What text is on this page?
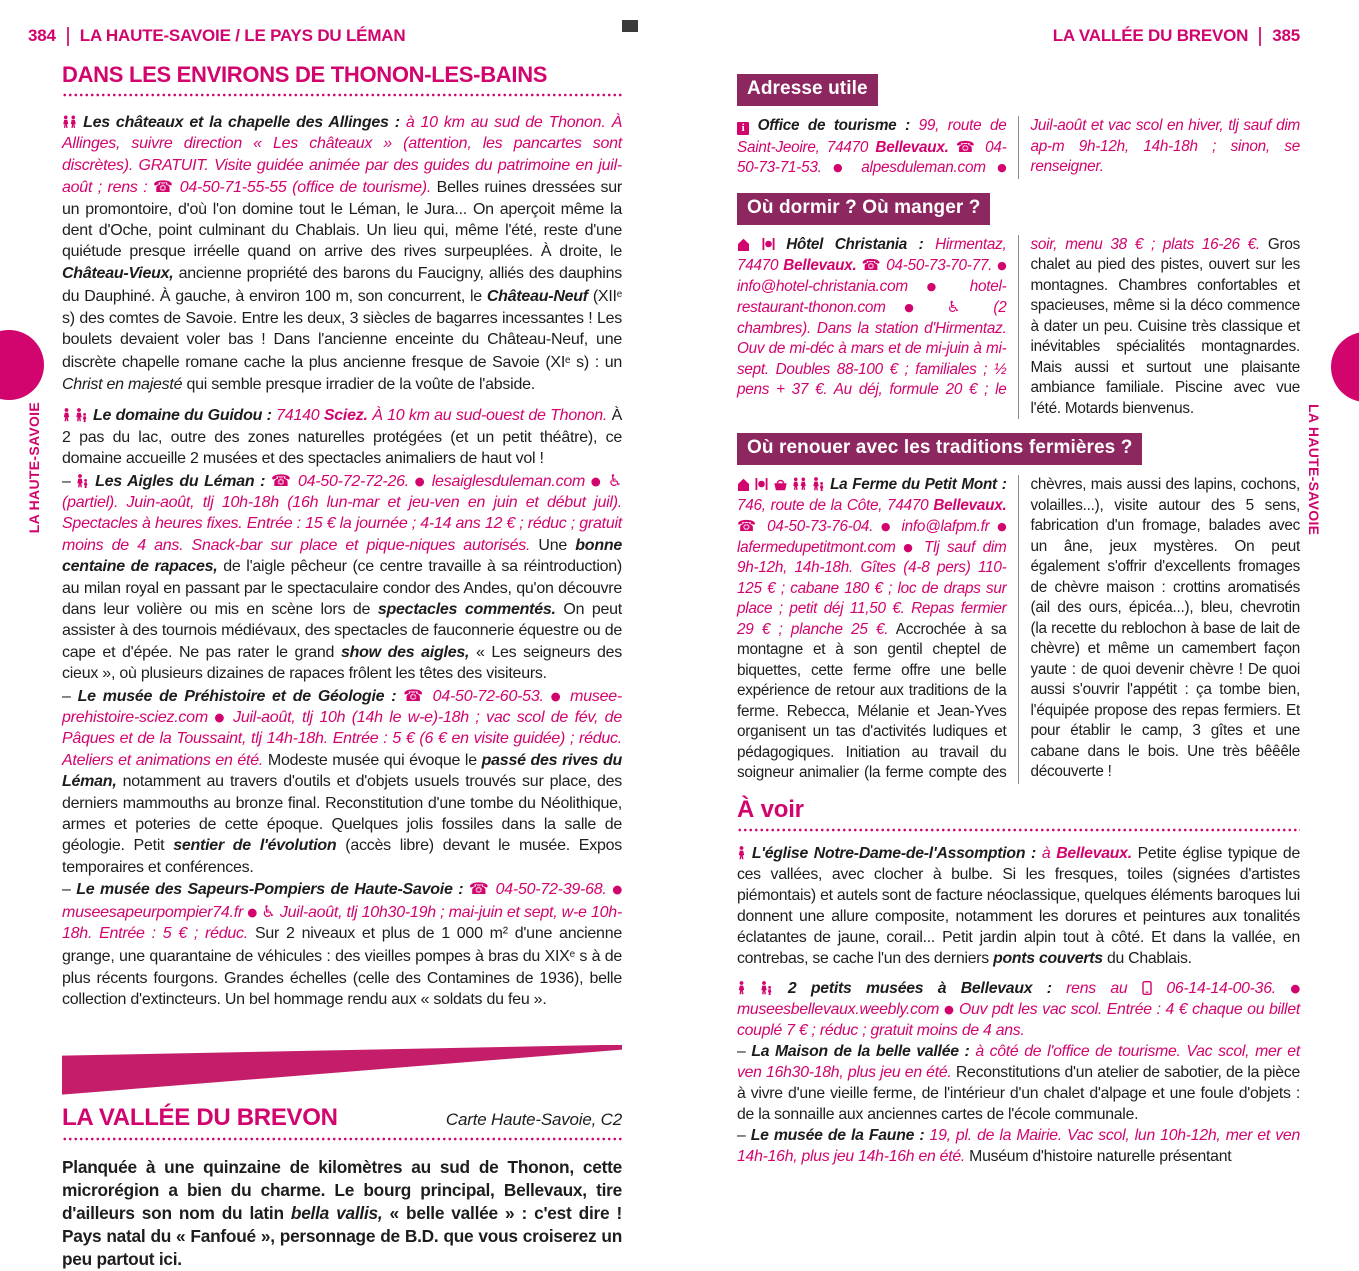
384 LA HAUTE-SAVOIE / LE PAYS DU LÉMAN	LA VALLÉE DU BREVON 385
DANS LES ENVIRONS DE THONON-LES-BAINS

Les châteaux et la chapelle des Allinges : à 10 km au sud de Thonon. À Allinges, suivre direction « Les châteaux » (attention, les pancartes sont discrètes). GRATUIT. Visite guidée animée par des guides du patrimoine en juil-août ; rens : ☎ 04-50-71-55-55 (office de tourisme). Belles ruines dressées sur un promontoire, d'où l'on domine tout le Léman, le Jura... On aperçoit même la dent d'Oche, point culminant du Chablais. Un lieu qui, même l'été, reste d'une quiétude presque irréelle quand on arrive des rives surpeuplées. À droite, le Château-Vieux, ancienne propriété des barons du Faucigny, alliés des dauphins du Dauphiné. À gauche, à environ 100 m, son concurrent, le Château-Neuf (XIIe s) des comtes de Savoie. Entre les deux, 3 siècles de bagarres incessantes ! Les boulets devaient voler bas ! Dans l'ancienne enceinte du Château-Neuf, une discrète chapelle romane cache la plus ancienne fresque de Savoie (XIe s) : un Christ en majesté qui semble presque irradier de la voûte de l'abside.

Le domaine du Guidou : 74140 Sciez. À 10 km au sud-ouest de Thonon. À 2 pas du lac, outre des zones naturelles protégées (et un petit théâtre), ce domaine accueille 2 musées et des spectacles animaliers de haut vol !

–  Les Aigles du Léman : ☎ 04-50-72-72-26. ● lesaiglesduleman.com ● ♿ (partiel). Juin-août, tlj 10h-18h (16h lun-mar et jeu-ven en juin et début juil). Spectacles à heures fixes. Entrée : 15 € la journée ; 4-14 ans 12 € ; réduc ; gratuit moins de 4 ans. Snack-bar sur place et pique-niques autorisés. Une bonne centaine de rapaces, de l'aigle pêcheur (ce centre travaille à sa réintroduction) au milan royal en passant par le spectaculaire condor des Andes, qu'on découvre dans leur volière ou mis en scène lors de spectacles commentés. On peut assister à des tournois médiévaux, des spectacles de fauconnerie équestre ou de cape et d'épée. Ne pas rater le grand show des aigles, « Les seigneurs des cieux », où plusieurs dizaines de rapaces frôlent les têtes des visiteurs.

– Le musée de Préhistoire et de Géologie : ☎ 04-50-72-60-53. ● musee-prehistoire-sciez.com ● Juil-août, tlj 10h (14h le w-e)-18h ; vac scol de fév, de Pâques et de la Toussaint, tlj 14h-18h. Entrée : 5 € (6 € en visite guidée) ; réduc. Ateliers et animations en été. Modeste musée qui évoque le passé des rives du Léman, notamment au travers d'outils et d'objets usuels trouvés sur place, des derniers mammouths au bronze final. Reconstitution d'une tombe du Néolithique, armes et poteries de cette époque. Quelques jolis fossiles dans la salle de géologie. Petit sentier de l'évolution (accès libre) devant le musée. Expos temporaires et conférences.

– Le musée des Sapeurs-Pompiers de Haute-Savoie : ☎ 04-50-72-39-68. ● museesapeurpompier74.fr ● ♿ Juil-août, tlj 10h30-19h ; mai-juin et sept, w-e 10h-18h. Entrée : 5 € ; réduc. Sur 2 niveaux et plus de 1 000 m² d'une ancienne grange, une quarantaine de véhicules : des vieilles pompes à bras du XIXe s à de plus récents fourgons. Grandes échelles (celle des Contamines de 1936), belle collection d'extincteurs. Un bel hommage rendu aux « soldats du feu ».

LA VALLÉE DU BREVON	Carte Haute-Savoie, C2

Planquée à une quinzaine de kilomètres au sud de Thonon, cette microrégion a bien du charme. Le bourg principal, Bellevaux, tire d'ailleurs son nom du latin bella vallis, « belle vallée » : c'est dire ! Pays natal du « Fanfoué », personnage de B.D. que vous croiserez un peu partout ici.

Adresse utile

i Office de tourisme : 99, route de Saint-Jeoire, 74470 Bellevaux. ☎ 04-50-73-71-53. ● alpesduleman.com ● Juil-août et vac scol en hiver, tlj sauf dim ap-m 9h-12h, 14h-18h ; sinon, se renseigner.

Où dormir ? Où manger ?

Hôtel Christania : Hirmentaz, 74470 Bellevaux. ☎ 04-50-73-70-77. ● info@hotel-christania.com ● hotel-restaurant-thonon.com ● ♿ (2 chambres). Dans la station d'Hirmentaz. Ouv de mi-déc à mars et de mi-juin à mi-sept. Doubles 88-100 € ; familiales ; ½ pens + 37 €. Au déj, formule 20 € ; le soir, menu 38 € ; plats 16-26 €. Gros chalet au pied des pistes, ouvert sur les montagnes. Chambres confortables et spacieuses, même si la déco commence à dater un peu. Cuisine très classique et inévitables spécialités montagnardes. Mais aussi et surtout une plaisante ambiance familiale. Piscine avec vue l'été. Motards bienvenus.

Où renouer avec les traditions fermières ?

La Ferme du Petit Mont : 746, route de la Côte, 74470 Bellevaux. ☎ 04-50-73-76-04. ● info@lafpm.fr ● lafermedupetitmont.com ● Tlj sauf dim 9h-12h, 14h-18h. Gîtes (4-8 pers) 110-125 € ; cabane 180 € ; loc de draps sur place ; petit déj 11,50 €. Repas fermier 29 € ; planche 25 €. Accrochée à sa montagne et à son gentil cheptel de biquettes, cette ferme offre une belle expérience de retour aux traditions de la ferme. Rebecca, Mélanie et Jean-Yves organisent un tas d'activités ludiques et pédagogiques. Initiation au travail du soigneur animalier (la ferme compte des chèvres, mais aussi des lapins, cochons, volailles...), visite autour des 5 sens, fabrication d'un fromage, balades avec un âne, jeux mystères. On peut également s'offrir d'excellents fromages de chèvre maison : crottins aromatisés (ail des ours, épicéa...), bleu, chevrotin (la recette du reblochon à base de lait de chèvre) et même un camembert façon yaute : de quoi devenir chèvre ! De quoi aussi s'ouvrir l'appétit : ça tombe bien, l'équipée propose des repas fermiers. Et pour établir le camp, 3 gîtes et une cabane dans le bois. Une très bêêêle découverte !

À voir

L'église Notre-Dame-de-l'Assomption : à Bellevaux. Petite église typique de ces vallées, avec clocher à bulbe. Si les fresques, toiles (signées d'artistes piémontais) et autels sont de facture néoclassique, quelques éléments baroques lui donnent une allure composite, notamment les dorures et peintures aux tonalités éclatantes de jaune, corail... Petit jardin alpin tout à côté. Et dans la vallée, en contrebas, se cache l'un des derniers ponts couverts du Chablais.

2 petits musées à Bellevaux : rens au  06-14-14-00-36. ● museesbellevaux.weebly.com ● Ouv pdt les vac scol. Entrée : 4 € chaque ou billet couplé 7 € ; réduc ; gratuit moins de 4 ans.

– La Maison de la belle vallée : à côté de l'office de tourisme. Vac scol, mer et ven 16h30-18h, plus jeu en été. Reconstitutions d'un atelier de sabotier, de la pièce à vivre d'une vieille ferme, de l'intérieur d'un chalet d'alpage et une foule d'objets : de la sonnaille aux anciennes cartes de l'école communale.

– Le musée de la Faune : 19, pl. de la Mairie. Vac scol, lun 10h-12h, mer et ven 14h-16h, plus jeu 14h-16h en été. Muséum d'histoire naturelle présentant

LA HAUTE-SAVOIE	LA HAUTE-SAVOIE
